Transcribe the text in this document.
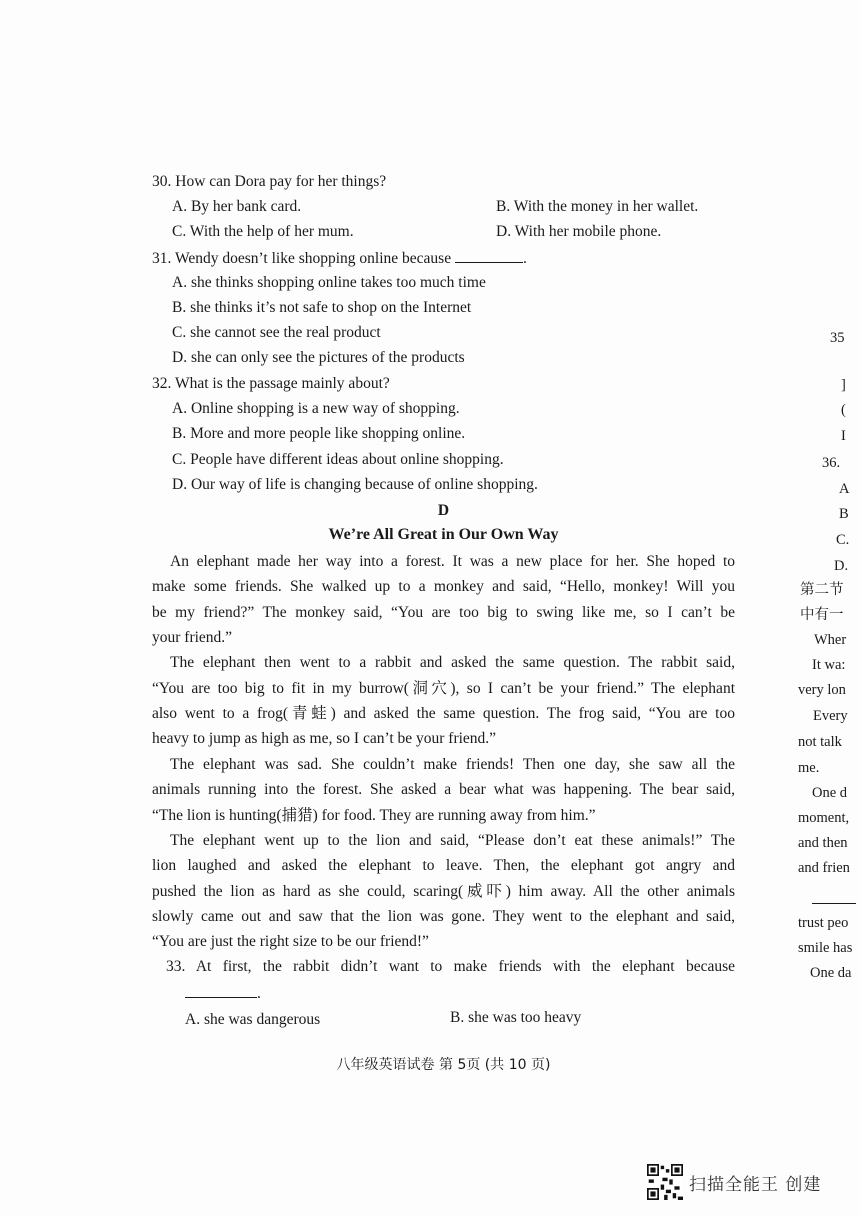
30. How can Dora pay for her things?
A. By her bank card.	B. With the money in her wallet.
C. With the help of her mum.	D. With her mobile phone.
31. Wendy doesn’t like shopping online because	.
A. she thinks shopping online takes too much time
B. she thinks it’s not safe to shop on the Internet
C. she cannot see the real product
D. she can only see the pictures of the products
32. What is the passage mainly about?
A. Online shopping is a new way of shopping.
B. More and more people like shopping online.
C. People have different ideas about online shopping.
D. Our way of life is changing because of online shopping.
D
We’re All Great in Our Own Way
An elephant made her way into a forest. It was a new place for her. She hoped to
make some friends. She walked up to a monkey and said, “Hello, monkey! Will you
be my friend?” The monkey said, “You are too big to swing like me, so I can’t be
your friend.”
The elephant then went to a rabbit and asked the same question. The rabbit said,
“You are too big to fit in my burrow(洞穴), so I can’t be your friend.” The elephant
also went to a frog(青蛙) and asked the same question. The frog said, “You are too
heavy to jump as high as me, so I can’t be your friend.”
The elephant was sad. She couldn’t make friends! Then one day, she saw all the
animals running into the forest. She asked a bear what was happening. The bear said,
“The lion is hunting(捕猎) for food. They are running away from him.”
The elephant went up to the lion and said, “Please don’t eat these animals!” The
lion laughed and asked the elephant to leave. Then, the elephant got angry and
pushed the lion as hard as she could, scaring(威吓) him away. All the other animals
slowly came out and saw that the lion was gone. They went to the elephant and said,
“You are just the right size to be our friend!”
33. At first, the rabbit didn’t want to make friends with the elephant because
.
A. she was dangerous	B. she was too heavy
八年级英语试卷 第 5页 (共 10 页)
35
]
(
I
36.
A
B
C.
D.
第二节
中有一
Wher
It wa:
very lon
Every
not talk
me.
One d
moment,
and then
and frien
trust peo
smile has
One da
扫描全能王 创建
